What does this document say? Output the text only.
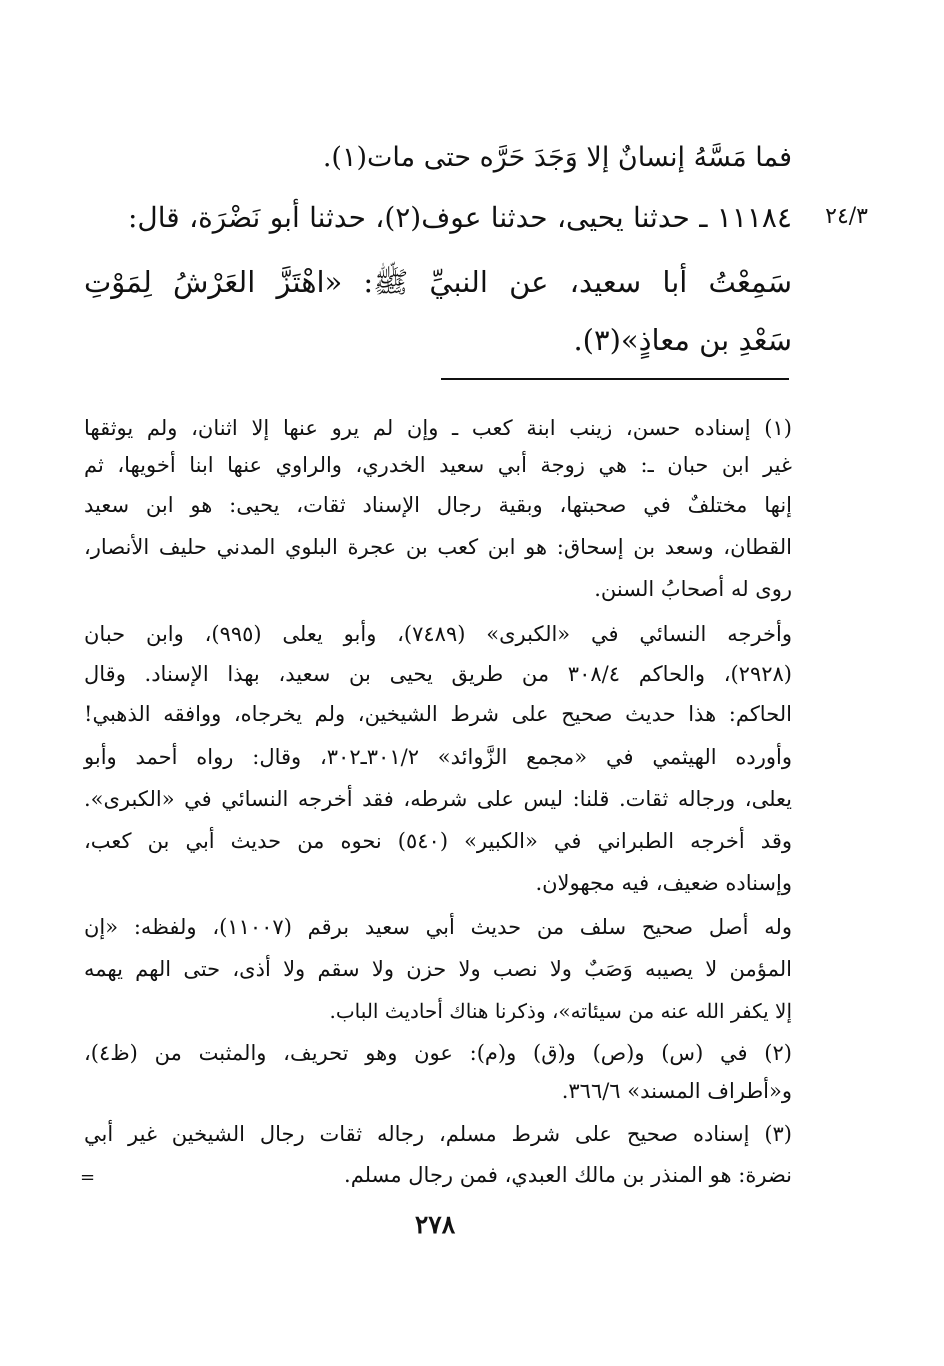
٢٤/٣
فما مَسَّهُ إنسانٌ إلا وَجَدَ حَرَّه حتى مات(١).
١١١٨٤ ـ حدثنا يحيى، حدثنا عوف(٢)، حدثنا أبو نَضْرَة، قال:
سَمِعْتُ أبا سعيد، عن النبيِّ ﷺ: «اهْتَزَّ العَرْشُ لِمَوْتِ
سَعْدِ بن معاذٍ»(٣).
(١) إسناده حسن، زينب ابنة كعب ـ وإن لم يرو عنها إلا اثنان، ولم يوثقها
غير ابن حبان ـ: هي زوجة أبي سعيد الخدري، والراوي عنها ابنا أخويها، ثم
إنها مختلفٌ في صحبتها، وبقية رجال الإسناد ثقات، يحيى: هو ابن سعيد
القطان، وسعد بن إسحاق: هو ابن كعب بن عجرة البلوي المدني حليف الأنصار،
روى له أصحابُ السنن.
وأخرجه النسائي في «الكبرى» (٧٤٨٩)، وأبو يعلى (٩٩٥)، وابن حبان
(٢٩٢٨)، والحاكم ٣٠٨/٤ من طريق يحيى بن سعيد، بهذا الإسناد. وقال
الحاكم: هذا حديث صحيح على شرط الشيخين، ولم يخرجاه، ووافقه الذهبي!
وأورده الهيثمي في «مجمع الزَّوائد» ٣٠١/٢ـ٣٠٢، وقال: رواه أحمد وأبو
يعلى، ورجاله ثقات. قلنا: ليس على شرطه، فقد أخرجه النسائي في «الكبرى».
وقد أخرجه الطبراني في «الكبير» (٥٤٠) نحوه من حديث أبي بن كعب،
وإسناده ضعيف، فيه مجهولان.
وله أصل صحيح سلف من حديث أبي سعيد برقم (١١٠٠٧)، ولفظه: «إن
المؤمن لا يصيبه وَصَبٌ ولا نصب ولا حزن ولا سقم ولا أذى، حتى الهم يهمه
إلا يكفر الله عنه من سيئاته»، وذكرنا هناك أحاديث الباب.
(٢) في (س) و(ص) و(ق) و(م): عون وهو تحريف، والمثبت من (ظ٤)،
و«أطراف المسند» ٣٦٦/٦.
(٣) إسناده صحيح على شرط مسلم، رجاله ثقات رجال الشيخين غير أبي
نضرة: هو المنذر بن مالك العبدي، فمن رجال مسلم.
=
٢٧٨
